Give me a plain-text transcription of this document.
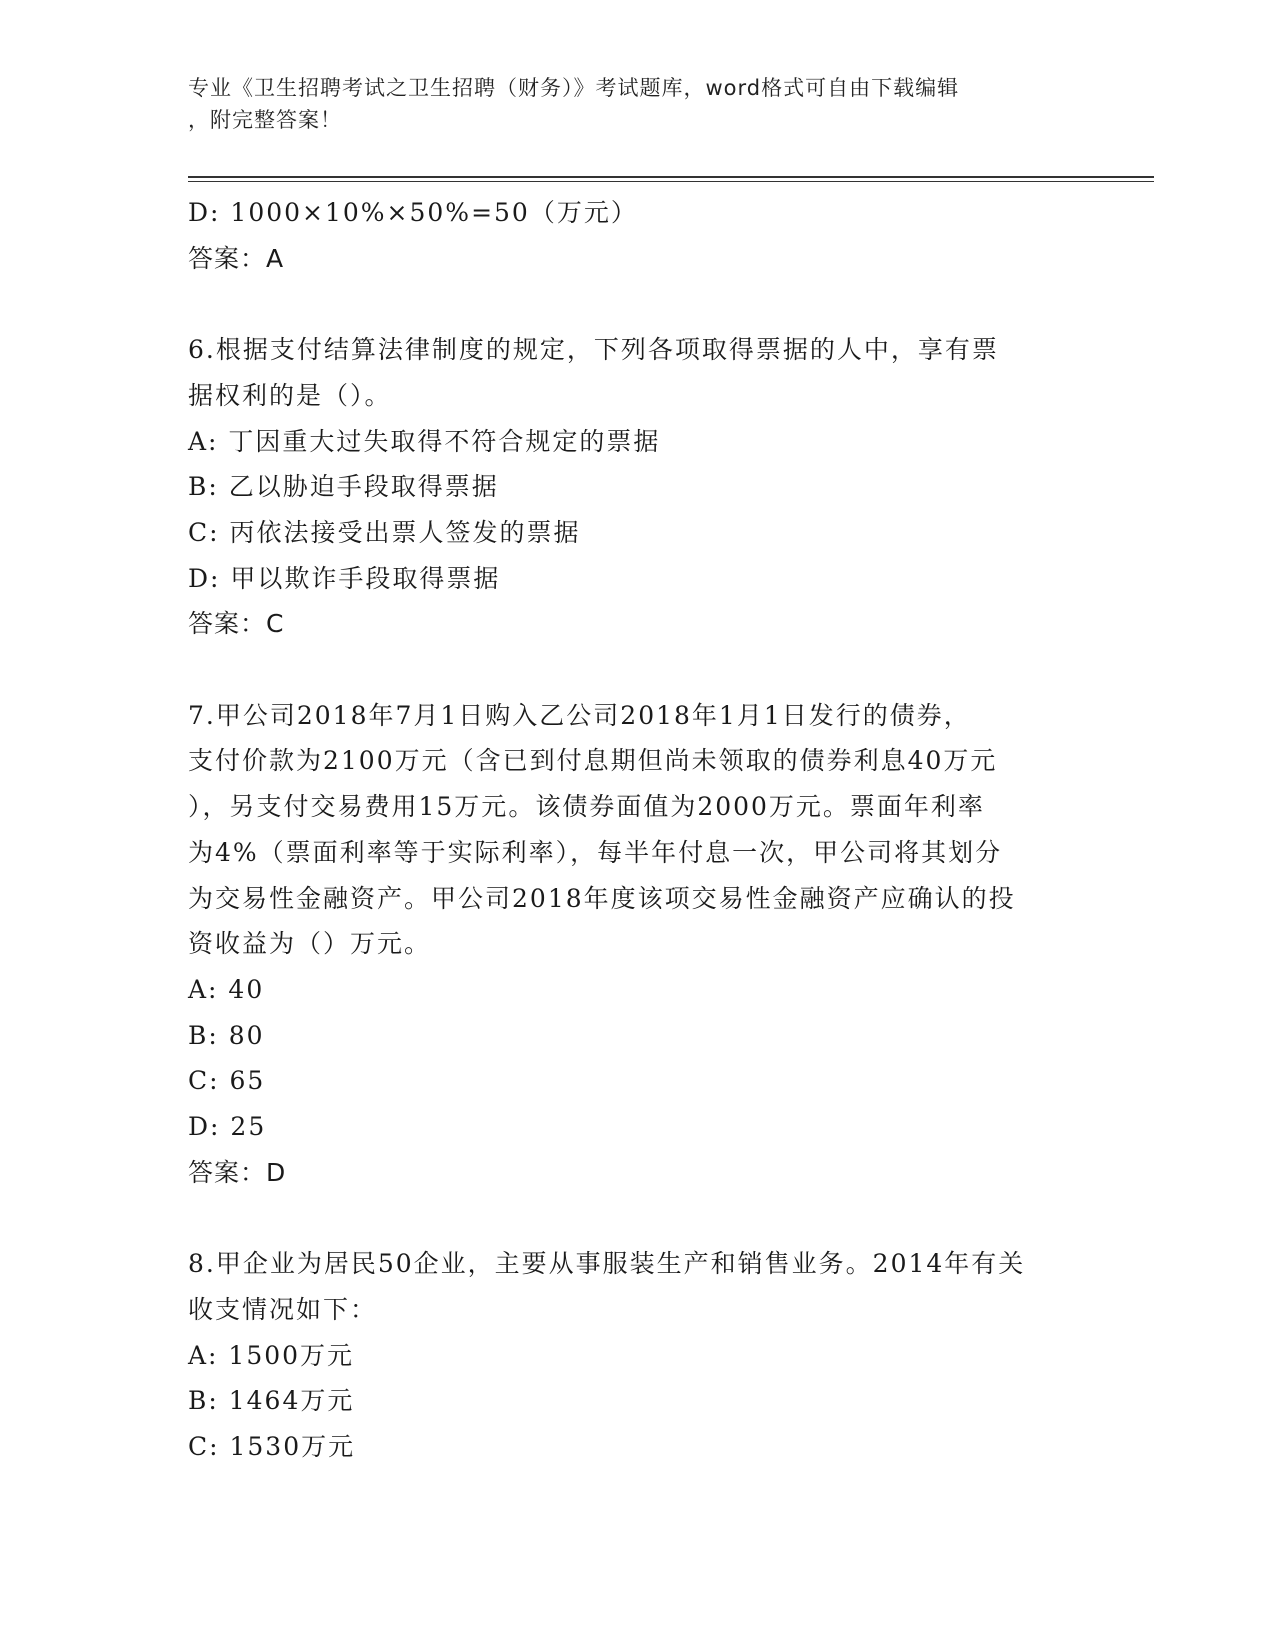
专业《卫生招聘考试之卫生招聘（财务）》考试题库，word格式可自由下载编辑
，附完整答案！
D: 1000×10%×50%=50（万元）
答案：A
6.根据支付结算法律制度的规定，下列各项取得票据的人中，享有票
据权利的是（）。
A: 丁因重大过失取得不符合规定的票据
B: 乙以胁迫手段取得票据
C: 丙依法接受出票人签发的票据
D: 甲以欺诈手段取得票据
答案：C
7.甲公司2018年7月1日购入乙公司2018年1月1日发行的债券，
支付价款为2100万元（含已到付息期但尚未领取的债券利息40万元
），另支付交易费用15万元。该债券面值为2000万元。票面年利率
为4%（票面利率等于实际利率），每半年付息一次，甲公司将其划分
为交易性金融资产。甲公司2018年度该项交易性金融资产应确认的投
资收益为（）万元。
A: 40
B: 80
C: 65
D: 25
答案：D
8.甲企业为居民50企业，主要从事服装生产和销售业务。2014年有关
收支情况如下：
A: 1500万元
B: 1464万元
C: 1530万元
